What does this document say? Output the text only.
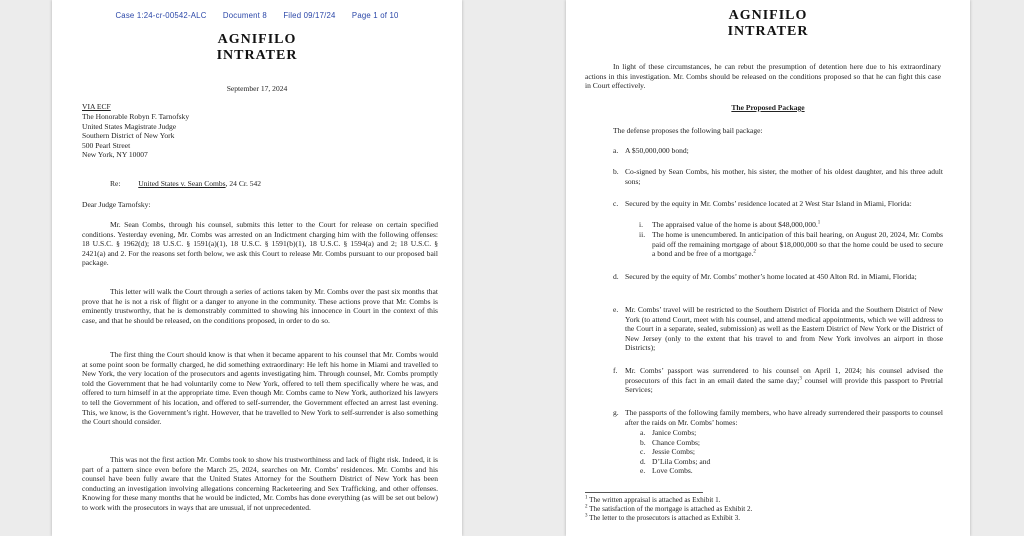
Case 1:24-cr-00542-ALC Document 8 Filed 09/17/24 Page 1 of 10
AGNIFILO
INTRATER
September 17, 2024
VIA ECF
The Honorable Robyn F. Tarnofsky
United States Magistrate Judge
Southern District of New York
500 Pearl Street
New York, NY 10007
Re: United States v. Sean Combs, 24 Cr. 542
Dear Judge Tarnofsky:
Mr. Sean Combs, through his counsel, submits this letter to the Court for release on certain specified conditions. Yesterday evening, Mr. Combs was arrested on an Indictment charging him with the following offenses: 18 U.S.C. § 1962(d); 18 U.S.C. § 1591(a)(1), 18 U.S.C. § 1591(b)(1), 18 U.S.C. § 1594(a) and 2; 18 U.S.C. § 2421(a) and 2. For the reasons set forth below, we ask this Court to release Mr. Combs pursuant to our proposed bail package.
This letter will walk the Court through a series of actions taken by Mr. Combs over the past six months that prove that he is not a risk of flight or a danger to anyone in the community. These actions prove that Mr. Combs is eminently trustworthy, that he is demonstrably committed to showing his innocence in Court in the context of this case, and that he should be released, on the conditions proposed, in order to do so.
The first thing the Court should know is that when it became apparent to his counsel that Mr. Combs would at some point soon be formally charged, he did something extraordinary: He left his home in Miami and travelled to New York, the very location of the prosecutors and agents investigating him. Through counsel, Mr. Combs promptly told the Government that he had voluntarily come to New York, offered to tell them specifically where he was, and offered to turn himself in at the appropriate time. Even though Mr. Combs came to New York, authorized his lawyers to tell the Government of his location, and offered to self-surrender, the Government effected an arrest last evening. This, we know, is the Government’s right. However, that he travelled to New York to self-surrender is also something the Court should consider.
This was not the first action Mr. Combs took to show his trustworthiness and lack of flight risk. Indeed, it is part of a pattern since even before the March 25, 2024, searches on Mr. Combs’ residences. Mr. Combs and his counsel have been fully aware that the United States Attorney for the Southern District of New York has been conducting an investigation involving allegations concerning Racketeering and Sex Trafficking, and other offenses. Knowing for these many months that he would be indicted, Mr. Combs has done everything (as will be set out below) to work with the prosecutors in ways that are unusual, if not unprecedented.
AGNIFILO
INTRATER
In light of these circumstances, he can rebut the presumption of detention here due to his extraordinary actions in this investigation. Mr. Combs should be released on the conditions proposed so that he can fight this case in Court effectively.
The Proposed Package
The defense proposes the following bail package:
a. A $50,000,000 bond;
b. Co-signed by Sean Combs, his mother, his sister, the mother of his oldest daughter, and his three adult sons;
c. Secured by the equity in Mr. Combs’ residence located at 2 West Star Island in Miami, Florida:
i. The appraised value of the home is about $48,000,000.$^1$
ii. The home is unencumbered. In anticipation of this bail hearing, on August 20, 2024, Mr. Combs paid off the remaining mortgage of about $18,000,000 so that the home could be used to secure a bond and be free of a mortgage.$^2$
d. Secured by the equity of Mr. Combs’ mother’s home located at 450 Alton Rd. in Miami, Florida;
e. Mr. Combs’ travel will be restricted to the Southern District of Florida and the Southern District of New York (to attend Court, meet with his counsel, and attend medical appointments, which we will address to the Court in a separate, sealed, submission) as well as the Eastern District of New York or the District of New Jersey (only to the extent that his travel to and from New York involves an airport in those Districts);
f. Mr. Combs’ passport was surrendered to his counsel on April 1, 2024; his counsel advised the prosecutors of this fact in an email dated the same day;$^3$ counsel will provide this passport to Pretrial Services;
g. The passports of the following family members, who have already surrendered their passports to counsel after the raids on Mr. Combs’ homes:
a. Janice Combs;
b. Chance Combs;
c. Jessie Combs;
d. D’Lila Combs; and
e. Love Combs.
$^1$ The written appraisal is attached as Exhibit 1.
$^2$ The satisfaction of the mortgage is attached as Exhibit 2.
$^3$ The letter to the prosecutors is attached as Exhibit 3.
